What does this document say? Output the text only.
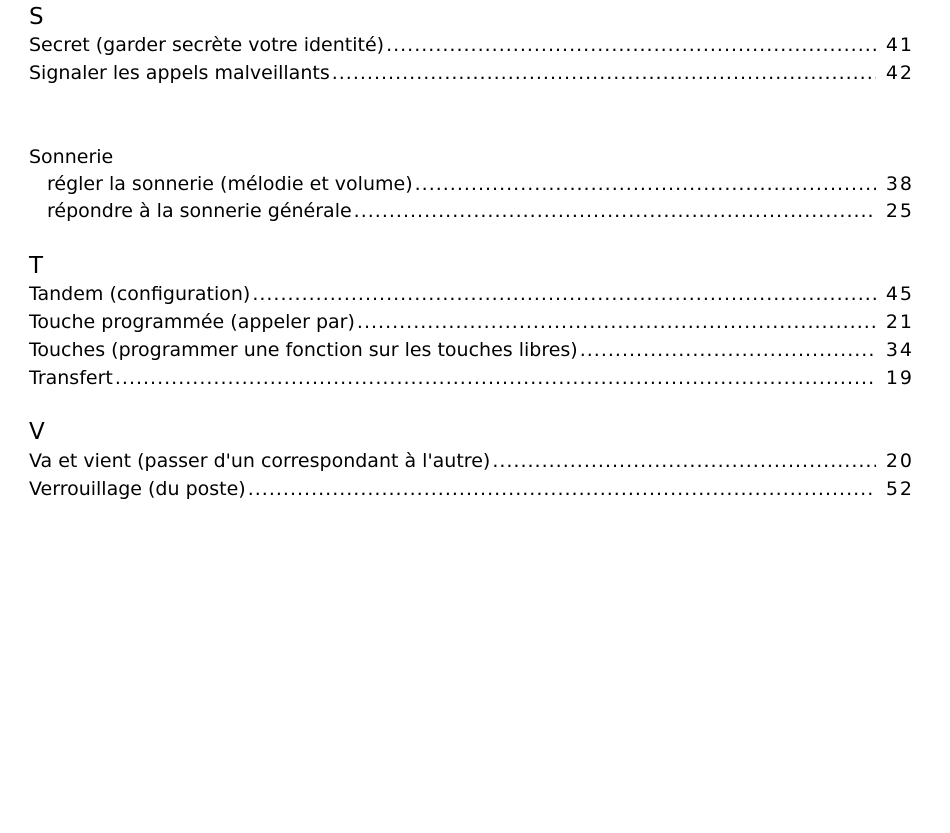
S
Secret (garder secrète votre identité) .....	41
Signaler les appels malveillants .....	42
Sonnerie
régler la sonnerie (mélodie et volume) .....	38
répondre à la sonnerie générale .....	25
T
Tandem (configuration) .....	45
Touche programmée (appeler par) .....	21
Touches (programmer une fonction sur les touches libres) .....	34
Transfert .....	19
V
Va et vient (passer d'un correspondant à l'autre) .....	20
Verrouillage (du poste) .....	52
